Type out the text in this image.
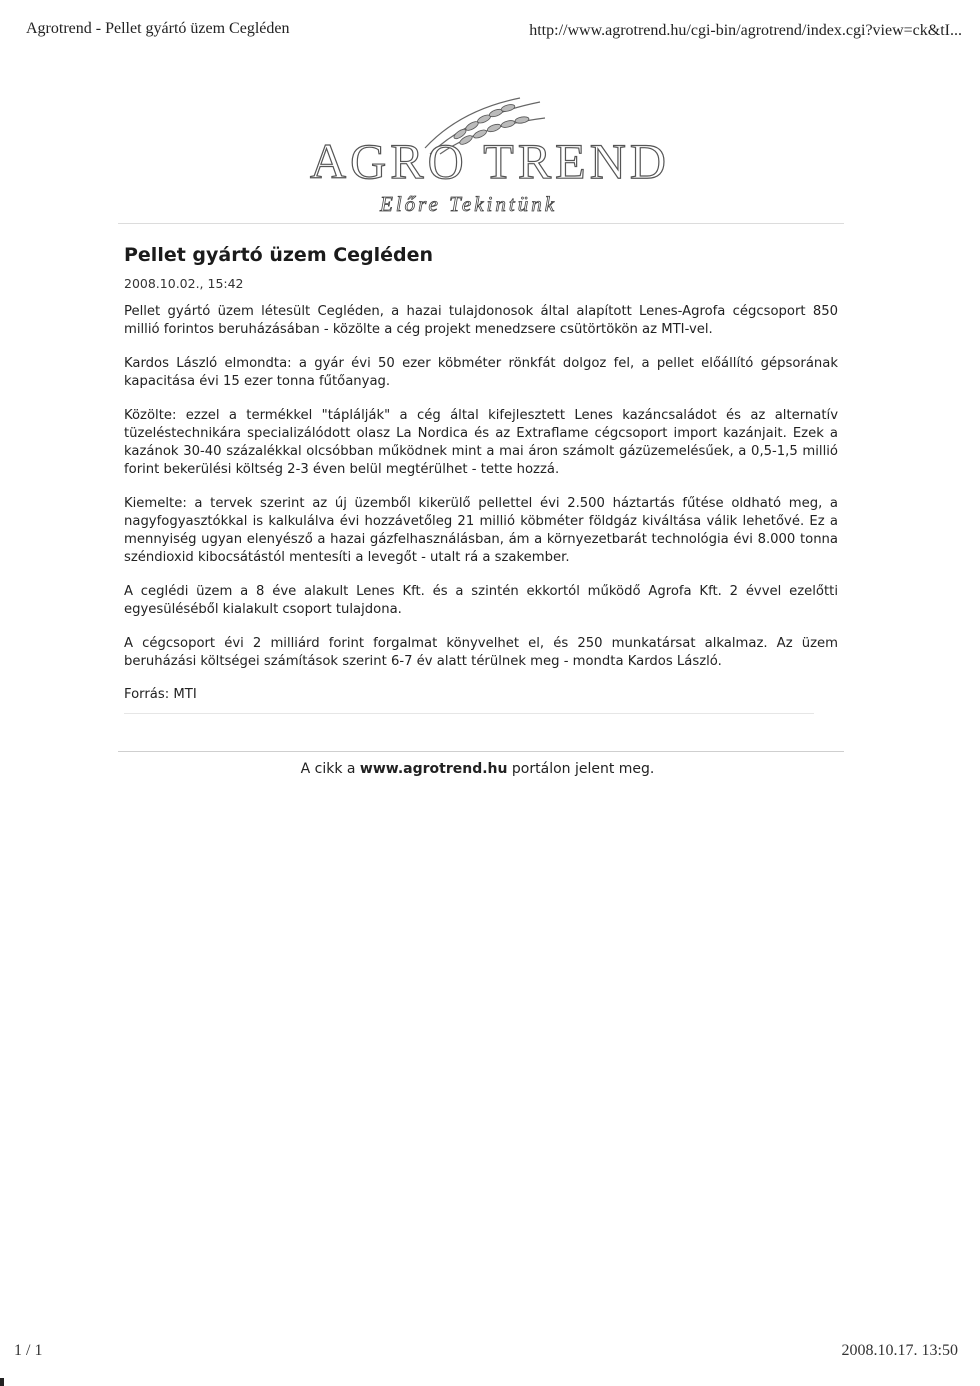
Agrotrend - Pellet gyártó üzem Cegléden	http://www.agrotrend.hu/cgi-bin/agrotrend/index.cgi?view=ck&tI...
AGRO TREND
Előre Tekintünk
Pellet gyártó üzem Cegléden
2008.10.02., 15:42

Pellet gyártó üzem létesült Cegléden, a hazai tulajdonosok által alapított Lenes-Agrofa cégcsoport 850 millió forintos beruházásában - közölte a cég projekt menedzsere csütörtökön az MTI-vel.

Kardos László elmondta: a gyár évi 50 ezer köbméter rönkfát dolgoz fel, a pellet előállító gépsorának kapacitása évi 15 ezer tonna fűtőanyag.

Közölte: ezzel a termékkel "táplálják" a cég által kifejlesztett Lenes kazáncsaládot és az alternatív tüzeléstechnikára specializálódott olasz La Nordica és az Extraflame cégcsoport import kazánjait. Ezek a kazánok 30-40 százalékkal olcsóbban működnek mint a mai áron számolt gázüzemelésűek, a 0,5-1,5 millió forint bekerülési költség 2-3 éven belül megtérülhet - tette hozzá.

Kiemelte: a tervek szerint az új üzemből kikerülő pellettel évi 2.500 háztartás fűtése oldható meg, a nagyfogyasztókkal is kalkulálva évi hozzávetőleg 21 millió köbméter földgáz kiváltása válik lehetővé. Ez a mennyiség ugyan elenyésző a hazai gázfelhasználásban, ám a környezetbarát technológia évi 8.000 tonna széndioxid kibocsátástól mentesíti a levegőt - utalt rá a szakember.

A ceglédi üzem a 8 éve alakult Lenes Kft. és a szintén ekkortól működő Agrofa Kft. 2 évvel ezelőtti egyesüléséből kialakult csoport tulajdona.

A cégcsoport évi 2 milliárd forint forgalmat könyvelhet el, és 250 munkatársat alkalmaz. Az üzem beruházási költségei számítások szerint 6-7 év alatt térülnek meg - mondta Kardos László.

Forrás: MTI

A cikk a www.agrotrend.hu portálon jelent meg.
1 / 1	2008.10.17. 13:50
